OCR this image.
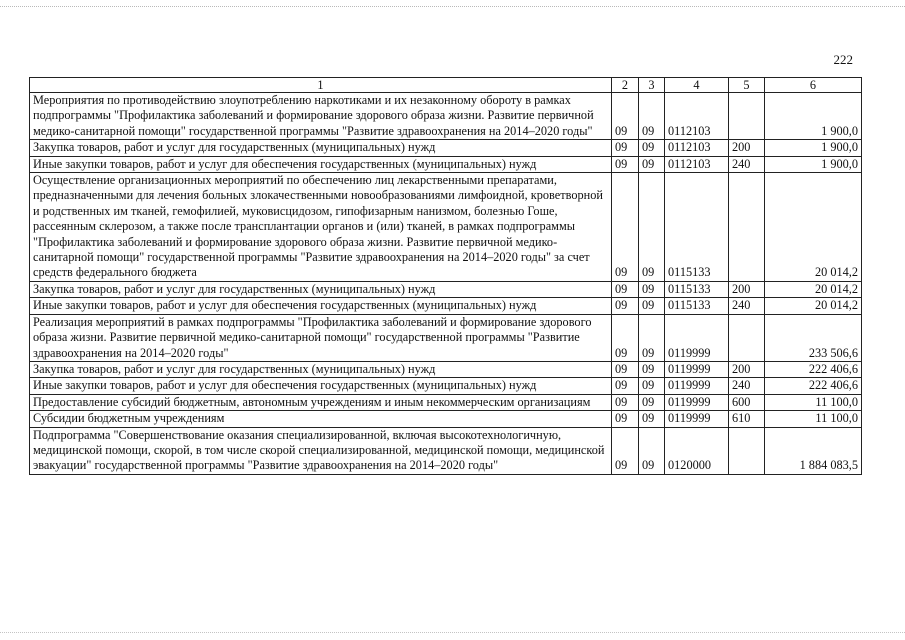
222
1	2	3	4	5	6
Мероприятия по противодействию злоупотреблению наркотиками и их незаконному обороту в рамках подпрограммы "Профилактика заболеваний и формирование здорового образа жизни. Развитие первичной медико-санитарной помощи" государственной программы "Развитие здравоохранения на 2014–2020 годы"	09	09	0112103		1 900,0
Закупка товаров, работ и услуг для государственных (муниципальных) нужд	09	09	0112103	200	1 900,0
Иные закупки товаров, работ и услуг для обеспечения государственных (муниципальных) нужд	09	09	0112103	240	1 900,0
Осуществление организационных мероприятий по обеспечению лиц лекарственными препаратами, предназначенными для лечения больных злокачественными новообразованиями лимфоидной, кроветворной и родственных им тканей, гемофилией, муковисцидозом, гипофизарным нанизмом, болезнью Гоше, рассеянным склерозом, а также после трансплантации органов и (или) тканей, в рамках подпрограммы "Профилактика заболеваний и формирование здорового образа жизни. Развитие первичной медико-санитарной помощи" государственной программы "Развитие здравоохранения на 2014–2020 годы" за счет средств федерального бюджета	09	09	0115133		20 014,2
Закупка товаров, работ и услуг для государственных (муниципальных) нужд	09	09	0115133	200	20 014,2
Иные закупки товаров, работ и услуг для обеспечения государственных (муниципальных) нужд	09	09	0115133	240	20 014,2
Реализация мероприятий в рамках подпрограммы "Профилактика заболеваний и формирование здорового образа жизни. Развитие первичной медико-санитарной помощи" государственной программы "Развитие здравоохранения на 2014–2020 годы"	09	09	0119999		233 506,6
Закупка товаров, работ и услуг для государственных (муниципальных) нужд	09	09	0119999	200	222 406,6
Иные закупки товаров, работ и услуг для обеспечения государственных (муниципальных) нужд	09	09	0119999	240	222 406,6
Предоставление субсидий бюджетным, автономным учреждениям и иным некоммерческим организациям	09	09	0119999	600	11 100,0
Субсидии бюджетным учреждениям	09	09	0119999	610	11 100,0
Подпрограмма "Совершенствование оказания специализированной, включая высокотехнологичную, медицинской помощи, скорой, в том числе скорой специализированной, медицинской помощи, медицинской эвакуации" государственной программы "Развитие здравоохранения на 2014–2020 годы"	09	09	0120000		1 884 083,5
